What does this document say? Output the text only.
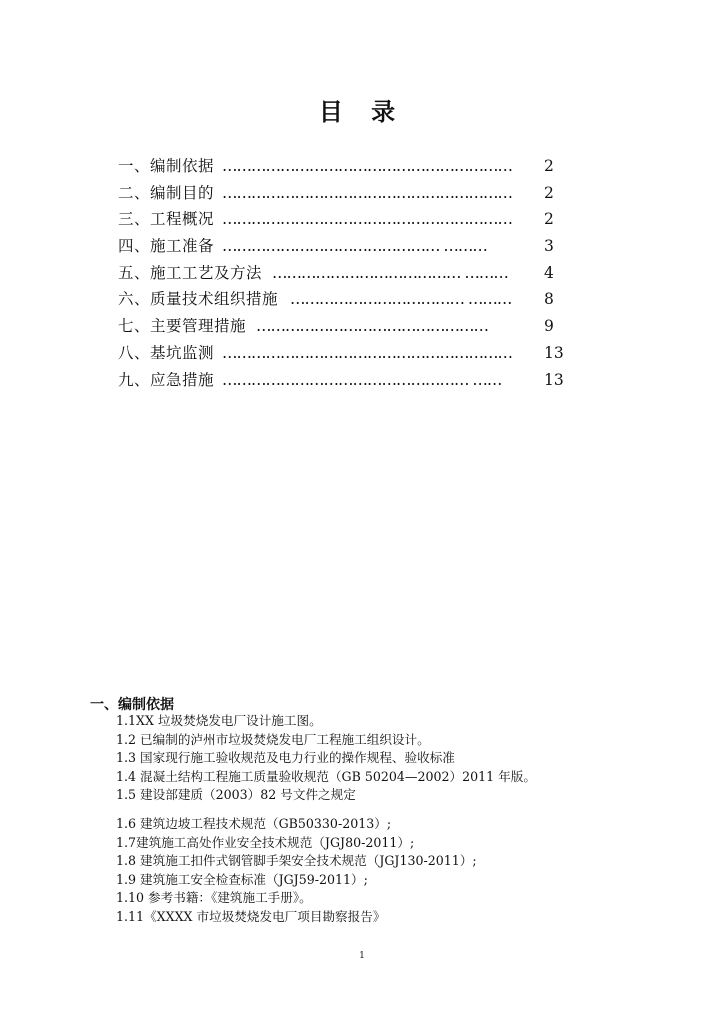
目 录
一、编制依据 ……………………………………………………	2
二、编制目的 ……………………………………………………	2
三、工程概况 ……………………………………………………	2
四、施工准备 ……………………………………… ………	3
五、施工工艺及方法 ………………………………… ………	4
六、质量技术组织措施 ……………………………… ………	8
七、主要管理措施 …………………………………………	9
八、基坑监测 ……………………………………………………	13
九、应急措施 …………………………………………… ……	13
一、编制依据
1.1XX 垃圾焚烧发电厂设计施工图。
1.2 已编制的泸州市垃圾焚烧发电厂工程施工组织设计。
1.3 国家现行施工验收规范及电力行业的操作规程、验收标准
1.4 混凝土结构工程施工质量验收规范（GB 50204—2002）2011 年版。
1.5 建设部建质（2003）82 号文件之规定
1.6 建筑边坡工程技术规范（GB50330-2013）;
1.7建筑施工高处作业安全技术规范（JGJ80-2011）;
1.8 建筑施工扣件式钢管脚手架安全技术规范（JGJ130-2011）;
1.9 建筑施工安全检查标准（JGJ59-2011）;
1.10 参考书籍：《建筑施工手册》。
1.11《XXXX 市垃圾焚烧发电厂项目勘察报告》
1
